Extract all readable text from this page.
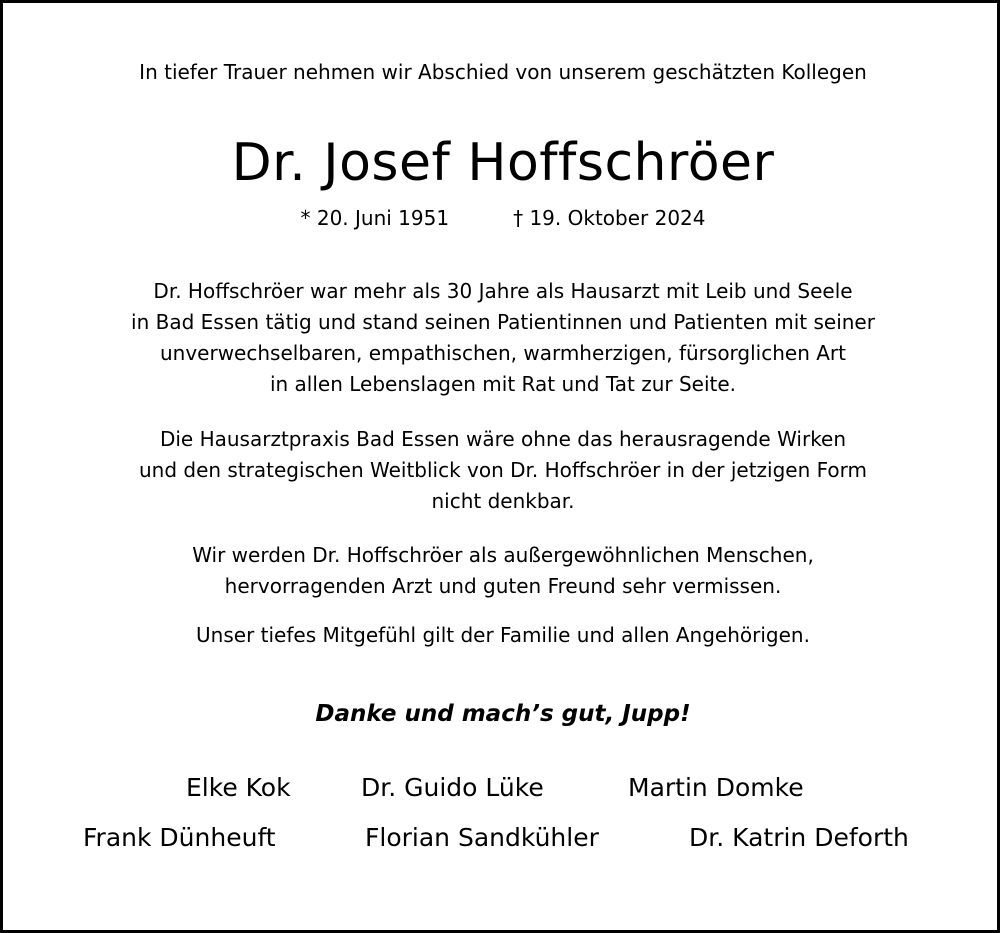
In tiefer Trauer nehmen wir Abschied von unserem geschätzten Kollegen
Dr. Josef Hoffschröer
* 20. Juni 1951	† 19. Oktober 2024
Dr. Hoffschröer war mehr als 30 Jahre als Hausarzt mit Leib und Seele
in Bad Essen tätig und stand seinen Patientinnen und Patienten mit seiner
unverwechselbaren, empathischen, warmherzigen, fürsorglichen Art
in allen Lebenslagen mit Rat und Tat zur Seite.
Die Hausarztpraxis Bad Essen wäre ohne das herausragende Wirken
und den strategischen Weitblick von Dr. Hoffschröer in der jetzigen Form
nicht denkbar.
Wir werden Dr. Hoffschröer als außergewöhnlichen Menschen,
hervorragenden Arzt und guten Freund sehr vermissen.
Unser tiefes Mitgefühl gilt der Familie und allen Angehörigen.
Danke und mach’s gut, Jupp!
Elke Kok	Dr. Guido Lüke	Martin Domke
Frank Dünheuft	Florian Sandkühler	Dr. Katrin Deforth
